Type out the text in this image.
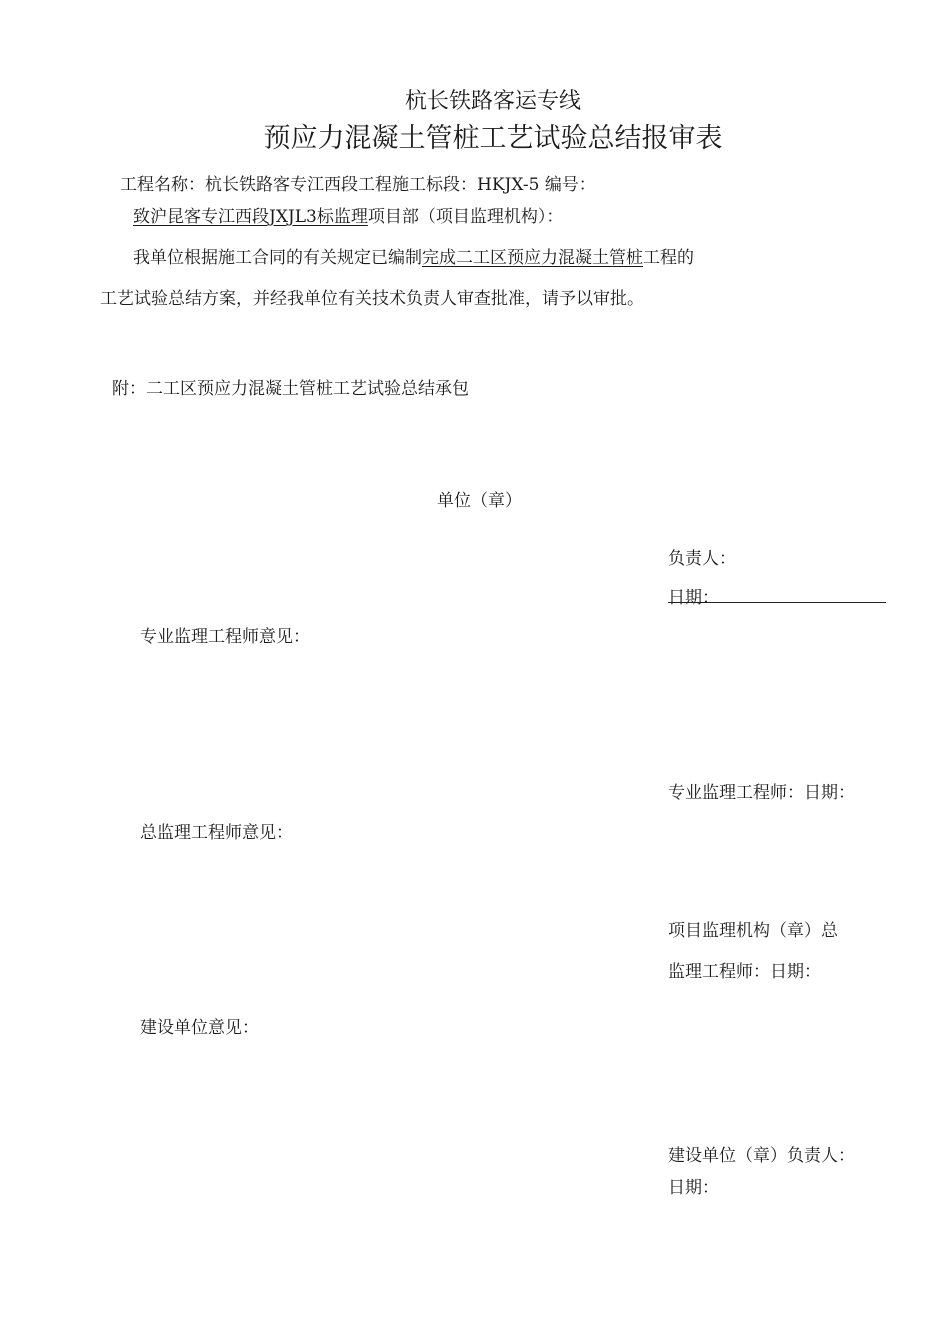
杭长铁路客运专线
预应力混凝土管桩工艺试验总结报审表
工程名称：杭长铁路客专江西段工程施工标段：HKJX-5 编号：
致沪昆客专江西段JXJL3标监理项目部（项目监理机构）：
我单位根据施工合同的有关规定已编制完成二工区预应力混凝土管桩工程的
工艺试验总结方案，并经我单位有关技术负责人审查批准，请予以审批。
附：二工区预应力混凝土管桩工艺试验总结承包
单位（章）
负责人：
日期：
专业监理工程师意见：
专业监理工程师：日期：
总监理工程师意见：
项目监理机构（章）总
监理工程师：日期：
建设单位意见：
建设单位（章）负责人：
日期：
